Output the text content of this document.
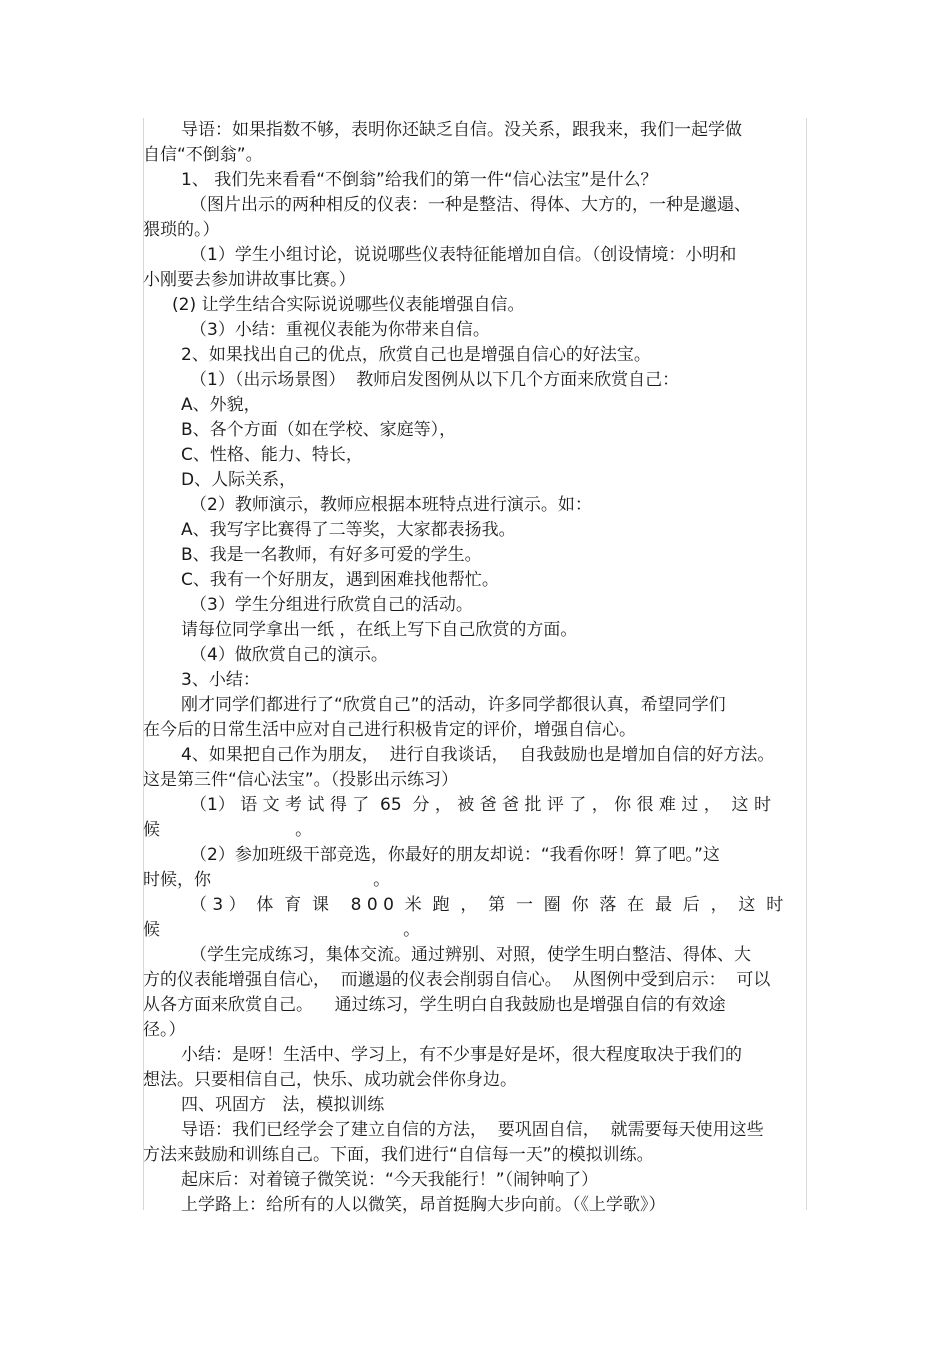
导语：如果指数不够，表明你还缺乏自信。没关系，跟我来，我们一起学做
自信“不倒翁”。
1、 我们先来看看“不倒翁”给我们的第一件“信心法宝”是什么？
（图片出示的两种相反的仪表：一种是整洁、得体、大方的，一种是邋遢、
猥琐的。）
（1）学生小组讨论，说说哪些仪表特征能增加自信。（创设情境：小明和
小刚要去参加讲故事比赛。）
(2) 让学生结合实际说说哪些仪表能增强自信。
（3）小结：重视仪表能为你带来自信。
2、如果找出自己的优点，欣赏自己也是增强自信心的好法宝。
（1）（出示场景图）  教师启发图例从以下几个方面来欣赏自己：
A、外貌，
B、各个方面（如在学校、家庭等），
C、性格、能力、特长，
D、人际关系，
（2）教师演示，教师应根据本班特点进行演示。如：
A、我写字比赛得了二等奖，大家都表扬我。
B、我是一名教师，有好多可爱的学生。
C、我有一个好朋友，遇到困难找他帮忙。
（3）学生分组进行欣赏自己的活动。
请每位同学拿出一纸 ，在纸上写下自己欣赏的方面。
（4）做欣赏自己的演示。
3、小结：
刚才同学们都进行了“欣赏自己”的活动，许多同学都很认真，希望同学们
在今后的日常生活中应对自己进行积极肯定的评价，增强自信心。
4、如果把自己作为朋友，  进行自我谈话，  自我鼓励也是增加自信的好方法。
这是第三件“信心法宝”。（投影出示练习）
（1） 语 文 考 试 得 了  65  分 ， 被 爸 爸 批 评 了 ， 你 很 难 过 ，  这 时
候                         。
（2）参加班级干部竞选，你最好的朋友却说：“我看你呀！算了吧。”这
时候，你                              。
（ 3 ）  体  育  课    8 0 0  米  跑  ，  第  一  圈  你  落  在  最  后  ，  这  时
候                                             。
（学生完成练习，集体交流。通过辨别、对照，使学生明白整洁、得体、大
方的仪表能增强自信心，  而邋遢的仪表会削弱自信心。  从图例中受到启示：  可以
从各方面来欣赏自己。    通过练习，学生明白自我鼓励也是增强自信的有效途
径。）
小结：是呀！生活中、学习上，有不少事是好是坏，很大程度取决于我们的
想法。只要相信自己，快乐、成功就会伴你身边。
四、巩固方   法，模拟训练
导语：我们已经学会了建立自信的方法，  要巩固自信，  就需要每天使用这些
方法来鼓励和训练自己。下面，我们进行“自信每一天”的模拟训练。
起床后：对着镜子微笑说：“今天我能行！”（闹钟响了）
上学路上：给所有的人以微笑，昂首挺胸大步向前。（《上学歌》）
